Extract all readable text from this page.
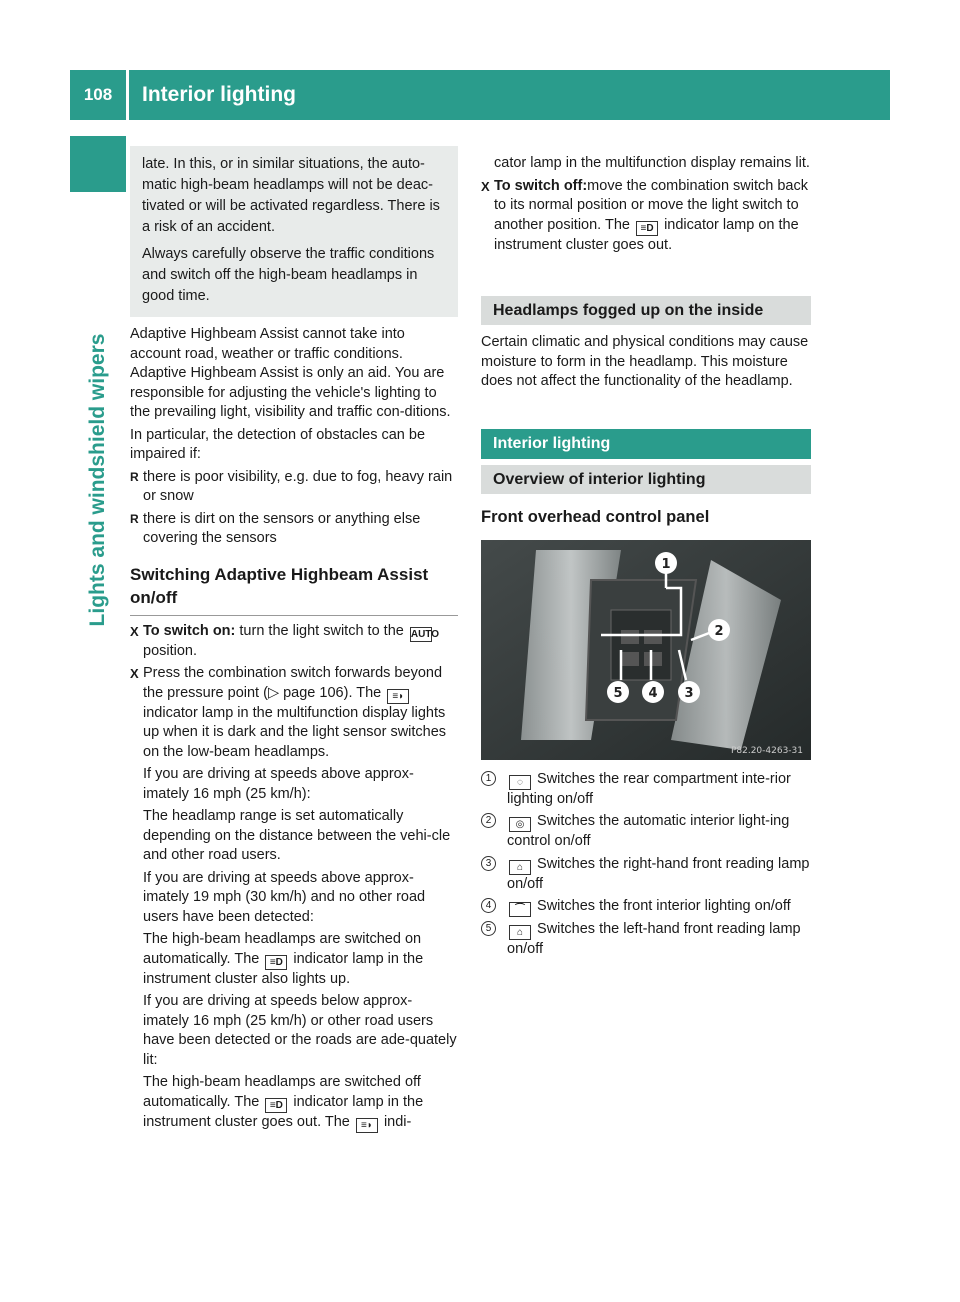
108	Interior lighting
Lights and windshield wipers

late. In this, or in similar situations, the auto-matic high-beam headlamps will not be deac-tivated or will be activated regardless. There is a risk of an accident.

Always carefully observe the traffic conditions and switch off the high-beam headlamps in good time.

Adaptive Highbeam Assist cannot take into account road, weather or traffic conditions. Adaptive Highbeam Assist is only an aid. You are responsible for adjusting the vehicle's lighting to the prevailing light, visibility and traffic con-ditions.

In particular, the detection of obstacles can be impaired if:

R there is poor visibility, e.g. due to fog, heavy rain or snow
R there is dirt on the sensors or anything else covering the sensors
Switching Adaptive Highbeam Assist on/off
X To switch on: turn the light switch to the AUTO position.
X Press the combination switch forwards beyond the pressure point (▷ page 106). The ≡◗ indicator lamp in the multifunction display lights up when it is dark and the light sensor switches on the low-beam headlamps.

If you are driving at speeds above approx-imately 16 mph (25 km/h):

The headlamp range is set automatically depending on the distance between the vehi-cle and other road users.

If you are driving at speeds above approx-imately 19 mph (30 km/h) and no other road users have been detected:

The high-beam headlamps are switched on automatically. The ≡D indicator lamp in the instrument cluster also lights up.

If you are driving at speeds below approx-imately 16 mph (25 km/h) or other road users have been detected or the roads are ade-quately lit:

The high-beam headlamps are switched off automatically. The ≡D indicator lamp in the instrument cluster goes out. The ≡◗ indi-

cator lamp in the multifunction display remains lit.

X To switch off:move the combination switch back to its normal position or move the light switch to another position. The ≡D indicator lamp on the instrument cluster goes out.
Headlamps fogged up on the inside

Certain climatic and physical conditions may cause moisture to form in the headlamp. This moisture does not affect the functionality of the headlamp.

Interior lighting
Overview of interior lighting
Front overhead control panel
1
2
3
4
5
P82.20-4263-31
1	◌ Switches the rear compartment inte-rior lighting on/off
2	◎ Switches the automatic interior light-ing control on/off
3	⌂ Switches the right-hand front reading lamp on/off
4	⌒ Switches the front interior lighting on/off
5	⌂ Switches the left-hand front reading lamp on/off
